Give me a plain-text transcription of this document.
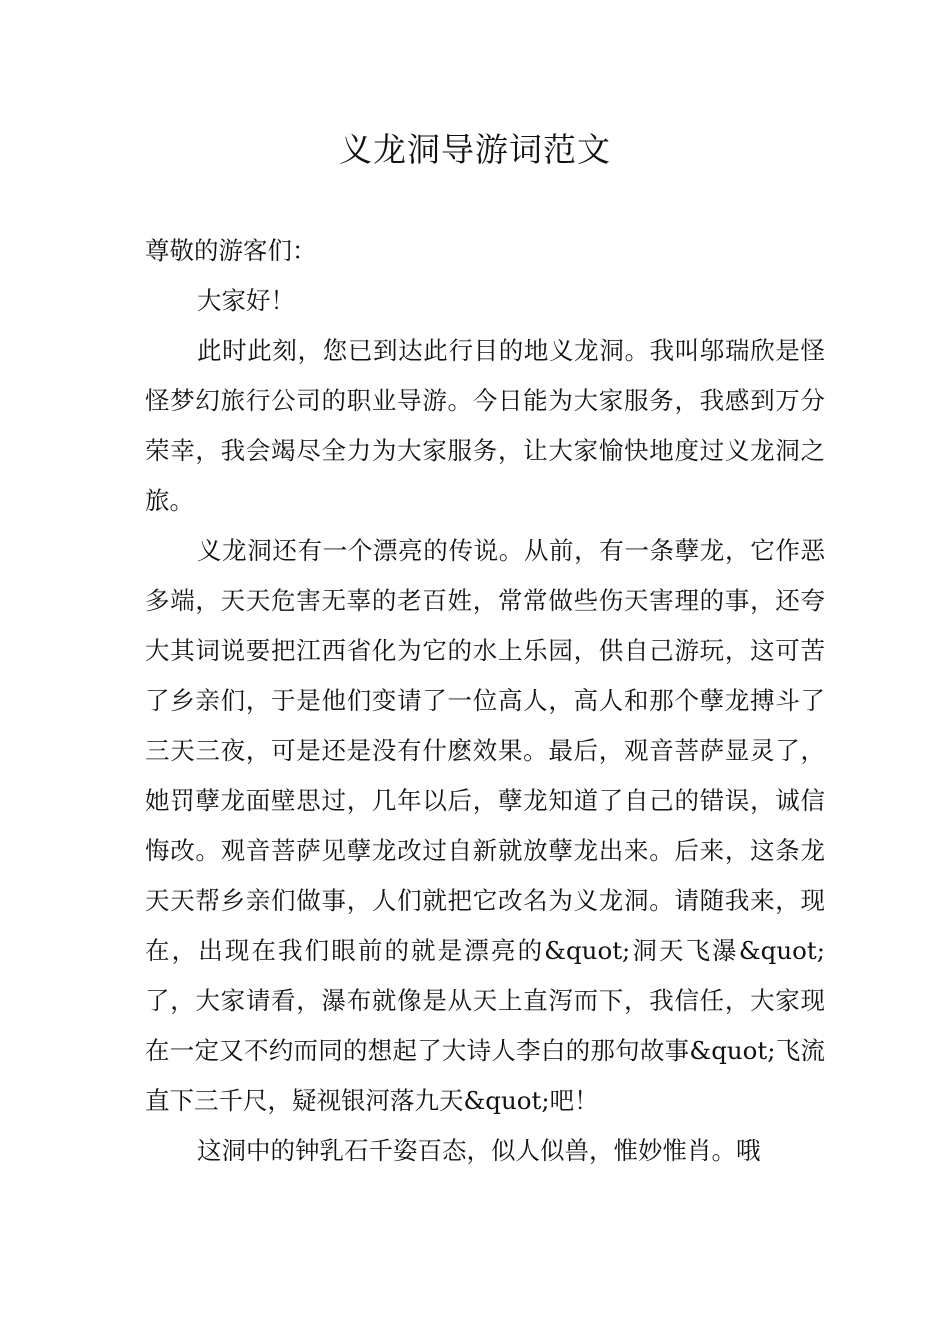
义龙洞导游词范文

尊敬的游客们：

大家好！

此时此刻，您已到达此行目的地义龙洞。我叫邬瑞欣是怪怪梦幻旅行公司的职业导游。今日能为大家服务，我感到万分荣幸，我会竭尽全力为大家服务，让大家愉快地度过义龙洞之旅。

义龙洞还有一个漂亮的传说。从前，有一条孽龙，它作恶多端，天天危害无辜的老百姓，常常做些伤天害理的事，还夸大其词说要把江西省化为它的水上乐园，供自己游玩，这可苦了乡亲们，于是他们变请了一位高人，高人和那个孽龙搏斗了三天三夜，可是还是没有什麽效果。最后，观音菩萨显灵了，她罚孽龙面壁思过，几年以后，孽龙知道了自己的错误，诚信悔改。观音菩萨见孽龙改过自新就放孽龙出来。后来，这条龙天天帮乡亲们做事，人们就把它改名为义龙洞。请随我来，现在，出现在我们眼前的就是漂亮的&quot;洞天飞瀑&quot;了，大家请看，瀑布就像是从天上直泻而下，我信任，大家现在一定又不约而同的想起了大诗人李白的那句故事&quot;飞流直下三千尺，疑视银河落九天&quot;吧！

这洞中的钟乳石千姿百态，似人似兽，惟妙惟肖。哦
